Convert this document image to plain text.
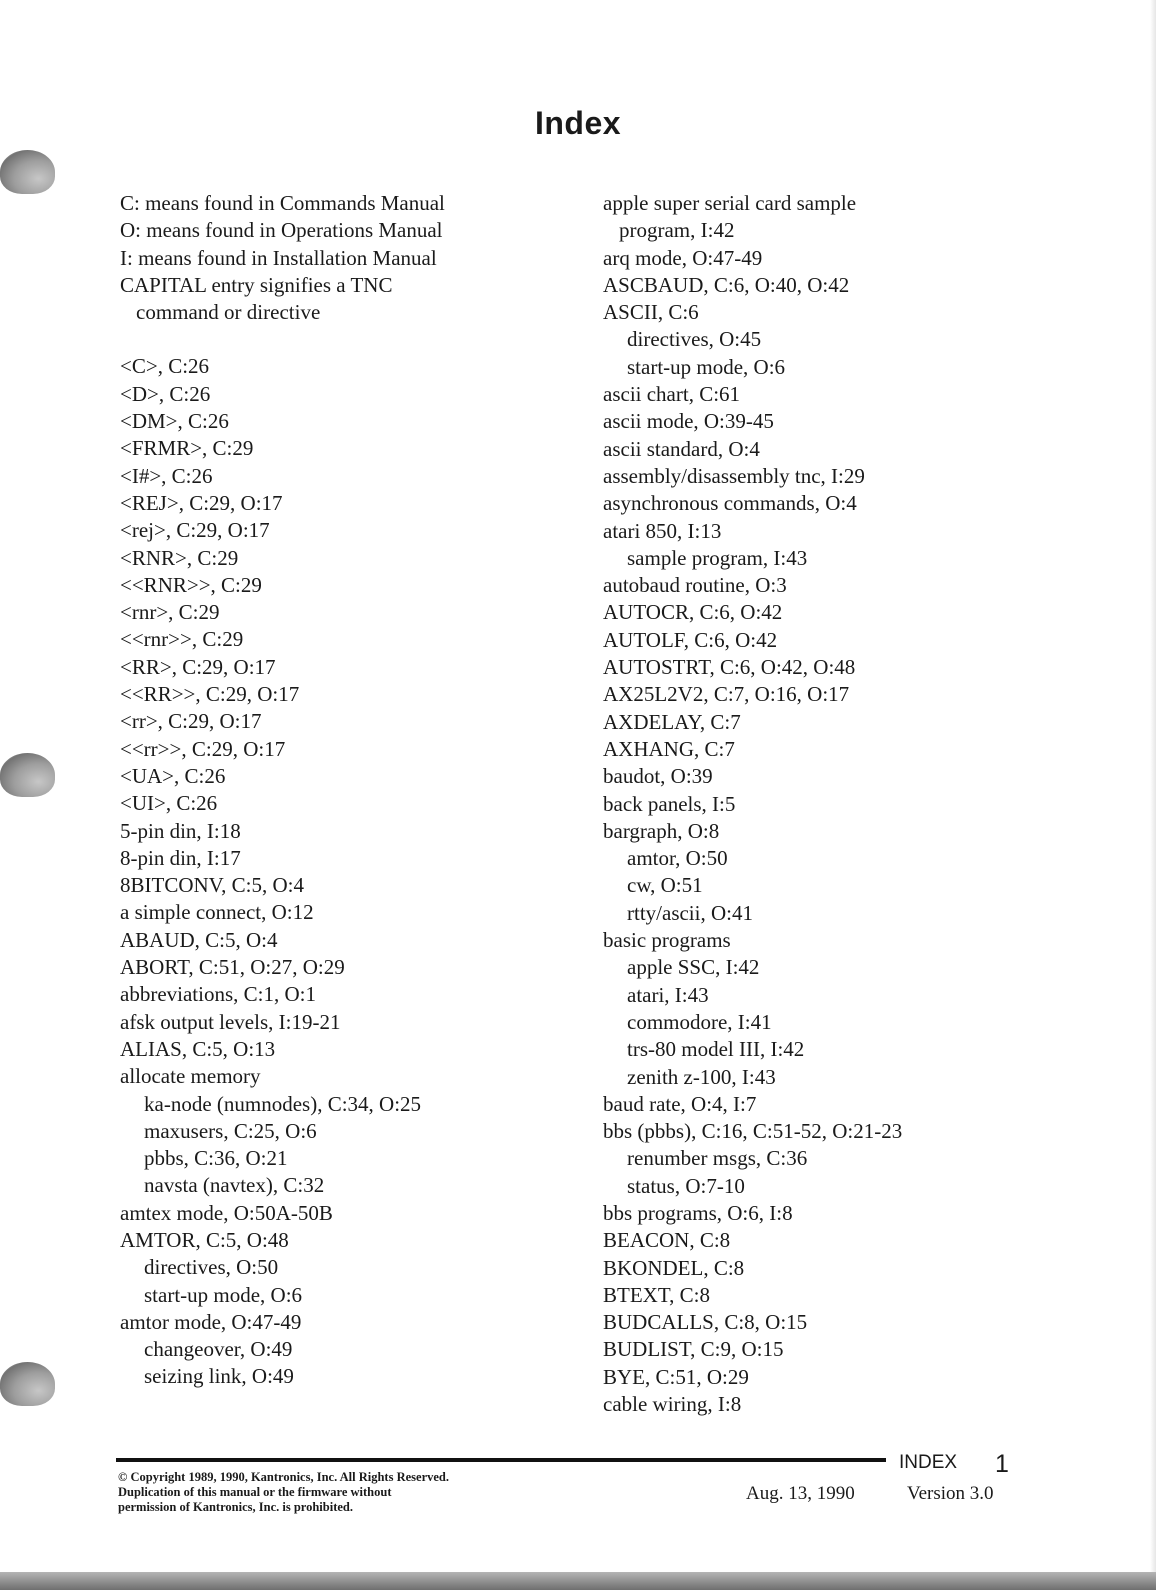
Index
C: means found in Commands Manual
O: means found in Operations Manual
I: means found in Installation Manual
CAPITAL entry signifies a TNC
command or directive
<C>, C:26
<D>, C:26
<DM>, C:26
<FRMR>, C:29
<I#>, C:26
<REJ>, C:29, O:17
<rej>, C:29, O:17
<RNR>, C:29
<<RNR>>, C:29
<rnr>, C:29
<<rnr>>, C:29
<RR>, C:29, O:17
<<RR>>, C:29, O:17
<rr>, C:29, O:17
<<rr>>, C:29, O:17
<UA>, C:26
<UI>, C:26
5-pin din, I:18
8-pin din, I:17
8BITCONV, C:5, O:4
a simple connect, O:12
ABAUD, C:5, O:4
ABORT, C:51, O:27, O:29
abbreviations, C:1, O:1
afsk output levels, I:19-21
ALIAS, C:5, O:13
allocate memory
ka-node (numnodes), C:34, O:25
maxusers, C:25, O:6
pbbs, C:36, O:21
navsta (navtex), C:32
amtex mode, O:50A-50B
AMTOR, C:5, O:48
directives, O:50
start-up mode, O:6
amtor mode, O:47-49
changeover, O:49
seizing link, O:49
apple super serial card sample
program, I:42
arq mode, O:47-49
ASCBAUD, C:6, O:40, O:42
ASCII, C:6
directives, O:45
start-up mode, O:6
ascii chart, C:61
ascii mode, O:39-45
ascii standard, O:4
assembly/disassembly tnc, I:29
asynchronous commands, O:4
atari 850, I:13
sample program, I:43
autobaud routine, O:3
AUTOCR, C:6, O:42
AUTOLF, C:6, O:42
AUTOSTRT, C:6, O:42, O:48
AX25L2V2, C:7, O:16, O:17
AXDELAY, C:7
AXHANG, C:7
baudot, O:39
back panels, I:5
bargraph, O:8
amtor, O:50
cw, O:51
rtty/ascii, O:41
basic programs
apple SSC, I:42
atari, I:43
commodore, I:41
trs-80 model III, I:42
zenith z-100, I:43
baud rate, O:4, I:7
bbs (pbbs), C:16, C:51-52, O:21-23
renumber msgs, C:36
status, O:7-10
bbs programs, O:6, I:8
BEACON, C:8
BKONDEL, C:8
BTEXT, C:8
BUDCALLS, C:8, O:15
BUDLIST, C:9, O:15
BYE, C:51, O:29
cable wiring, I:8
INDEX 1
© Copyright 1989, 1990, Kantronics, Inc. All Rights Reserved.
Duplication of this manual or the firmware without
permission of Kantronics, Inc. is prohibited.
Aug. 13, 1990	Version 3.0
